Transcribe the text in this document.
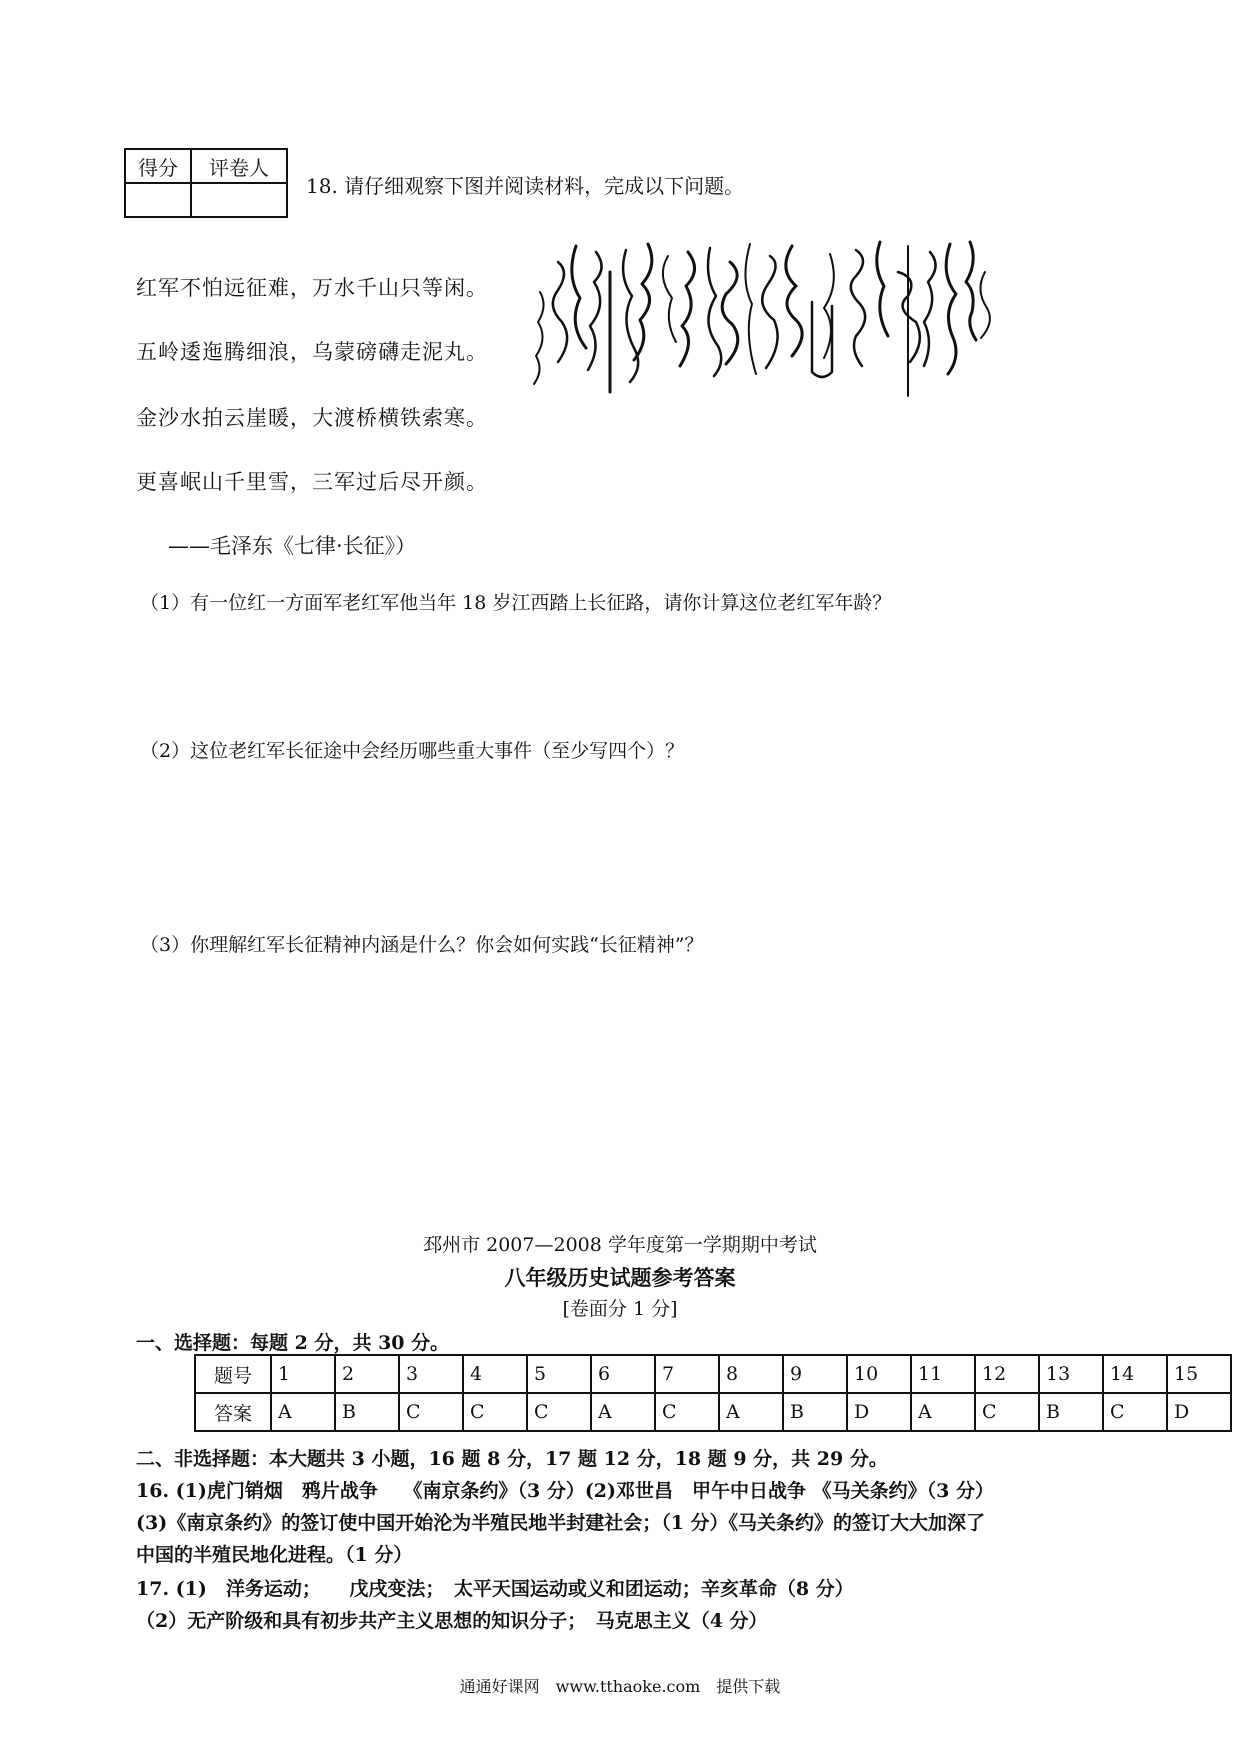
得分	评卷人

18. 请仔细观察下图并阅读材料，完成以下问题。
红军不怕远征难，万水千山只等闲。
五岭逶迤腾细浪，乌蒙磅礴走泥丸。
金沙水拍云崖暖，大渡桥横铁索寒。
更喜岷山千里雪，三军过后尽开颜。
——毛泽东《七律·长征》）
（1）有一位红一方面军老红军他当年 18 岁江西踏上长征路，请你计算这位老红军年龄？
（2）这位老红军长征途中会经历哪些重大事件（至少写四个）？
（3）你理解红军长征精神内涵是什么？你会如何实践“长征精神”？
邳州市 2007—2008 学年度第一学期期中考试
八年级历史试题参考答案
[卷面分 1 分]
一、选择题：每题 2 分，共 30 分。
题号	1	2	3	4	5	6	7	8	9	10	11	12	13	14	15
答案	A	B	C	C	C	A	C	A	B	D	A	C	B	C	D
二、非选择题：本大题共 3 小题，16 题 8 分，17 题 12 分，18 题 9 分，共 29 分。
16. (1)虎门销烟　鸦片战争　 《南京条约》（3 分）(2)邓世昌　甲午中日战争 《马关条约》（3 分）
(3)《南京条约》的签订使中国开始沦为半殖民地半封建社会；（1 分）《马关条约》的签订大大加深了
中国的半殖民地化进程。（1 分）
17. (1)　洋务运动；　　戊戌变法；　太平天国运动或义和团运动；辛亥革命（8 分）
（2）无产阶级和具有初步共产主义思想的知识分子；　马克思主义（4 分）
通通好课网　www.tthaoke.com　提供下载
